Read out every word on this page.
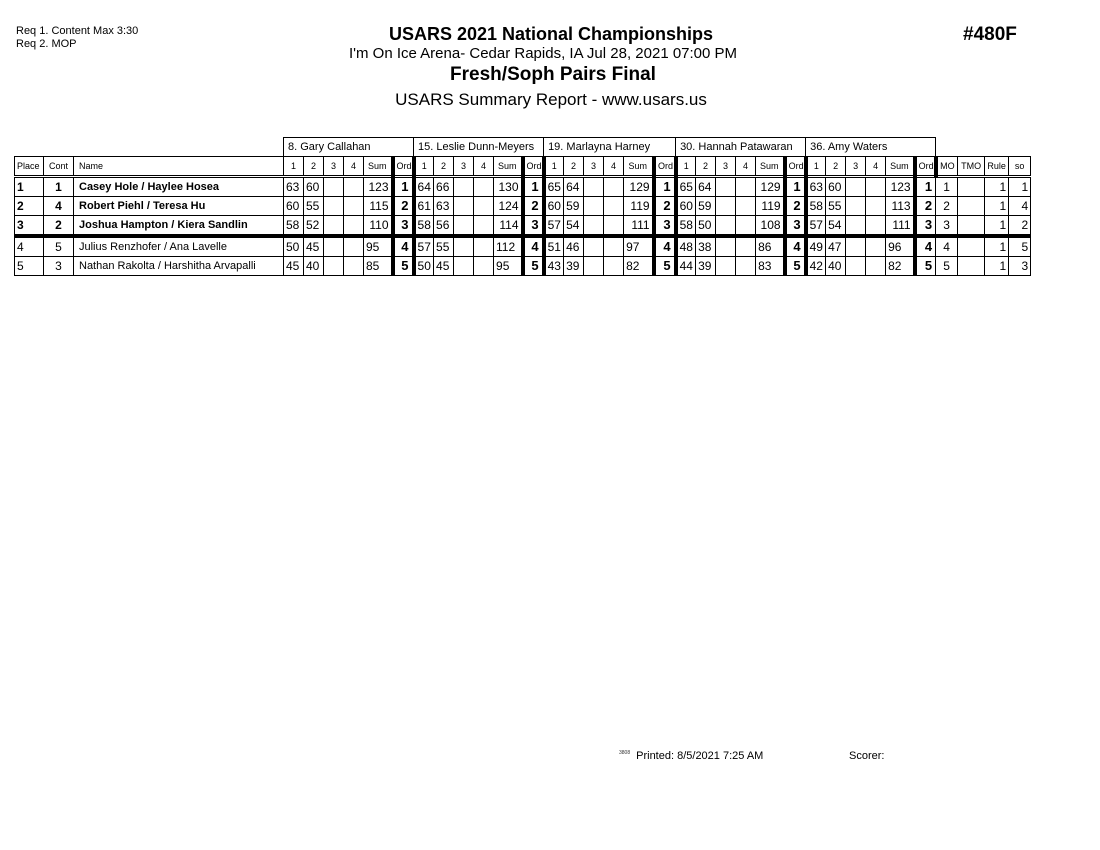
Req 1. Content Max 3:30
Req 2. MOP	USARS 2021 National Championships
I'm On Ice Arena- Cedar Rapids, IA Jul 28, 2021 07:00 PM
Fresh/Soph Pairs Final
USARS Summary Report - www.usars.us
#480F
			8. Gary Callahan						15. Leslie Dunn-Meyers						19. Marlayna Harney						30. Hannah Patawaran						36. Amy Waters									
Place	Cont	Name	1	2	3	4	Sum	Ord	1	2	3	4	Sum	Ord	1	2	3	4	Sum	Ord	1	2	3	4	Sum	Ord	1	2	3	4	Sum	Ord	MO	TMO	Rule	so
1	1	Casey Hole / Haylee Hosea	63	60			123	1	64	66			130	1	65	64			129	1	65	64			129	1	63	60			123	1	1		1	1
2	4	Robert Piehl / Teresa Hu	60	55			115	2	61	63			124	2	60	59			119	2	60	59			119	2	58	55			113	2	2		1	4
3	2	Joshua Hampton / Kiera Sandlin	58	52			110	3	58	56			114	3	57	54			111	3	58	50			108	3	57	54			111	3	3		1	2
4	5	Julius Renzhofer / Ana Lavelle	50	45			95	4	57	55			112	4	51	46			97	4	48	38			86	4	49	47			96	4	4		1	5
5	3	Nathan Rakolta / Harshitha Arvapalli	45	40			85	5	50	45			95	5	43	39			82	5	44	39			83	5	42	40			82	5	5		1	3
$^{3808}$ Printed: 8/5/2021 7:25 AM	Scorer:
